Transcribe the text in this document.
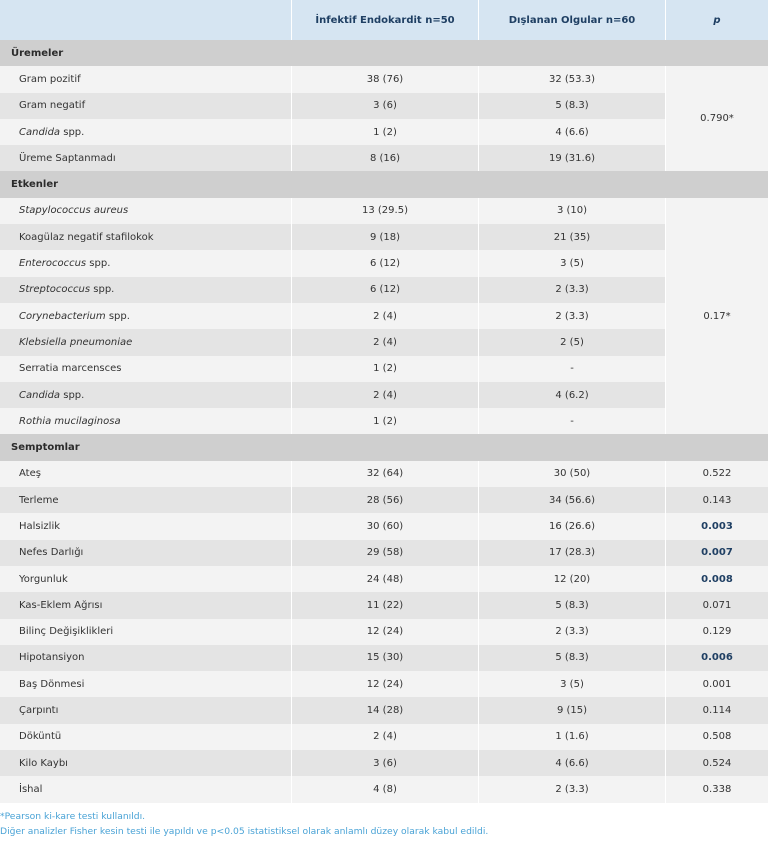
	İnfektif Endokardit n=50	Dışlanan Olgular n=60	p
Üremeler			
Gram pozitif	38 (76)	32 (53.3)	0.790*
Gram negatif	3 (6)	5 (8.3)	
Candida spp.	1 (2)	4 (6.6)	
Üreme Saptanmadı	8 (16)	19 (31.6)	
Etkenler			
Stapylococcus aureus	13 (29.5)	3 (10)	0.17*
Koagülaz negatif stafilokok	9 (18)	21 (35)	
Enterococcus spp.	6 (12)	3 (5)	
Streptococcus spp.	6 (12)	2 (3.3)	
Corynebacterium spp.	2 (4)	2 (3.3)	
Klebsiella pneumoniae	2 (4)	2 (5)	
Serratia marcensces	1 (2)	-	
Candida spp.	2 (4)	4 (6.2)	
Rothia mucilaginosa	1 (2)	-	
Semptomlar			
Ateş	32 (64)	30 (50)	0.522
Terleme	28 (56)	34 (56.6)	0.143
Halsizlik	30 (60)	16 (26.6)	0.003
Nefes Darlığı	29 (58)	17 (28.3)	0.007
Yorgunluk	24 (48)	12 (20)	0.008
Kas-Eklem Ağrısı	11 (22)	5 (8.3)	0.071
Bilinç Değişiklikleri	12 (24)	2 (3.3)	0.129
Hipotansiyon	15 (30)	5 (8.3)	0.006
Baş Dönmesi	12 (24)	3 (5)	0.001
Çarpıntı	14 (28)	9 (15)	0.114
Döküntü	2 (4)	1 (1.6)	0.508
Kilo Kaybı	3 (6)	4 (6.6)	0.524
İshal	4 (8)	2 (3.3)	0.338
*Pearson ki-kare testi kullanıldı.
Diğer analizler Fisher kesin testi ile yapıldı ve p<0.05 istatistiksel olarak anlamlı düzey olarak kabul edildi.
